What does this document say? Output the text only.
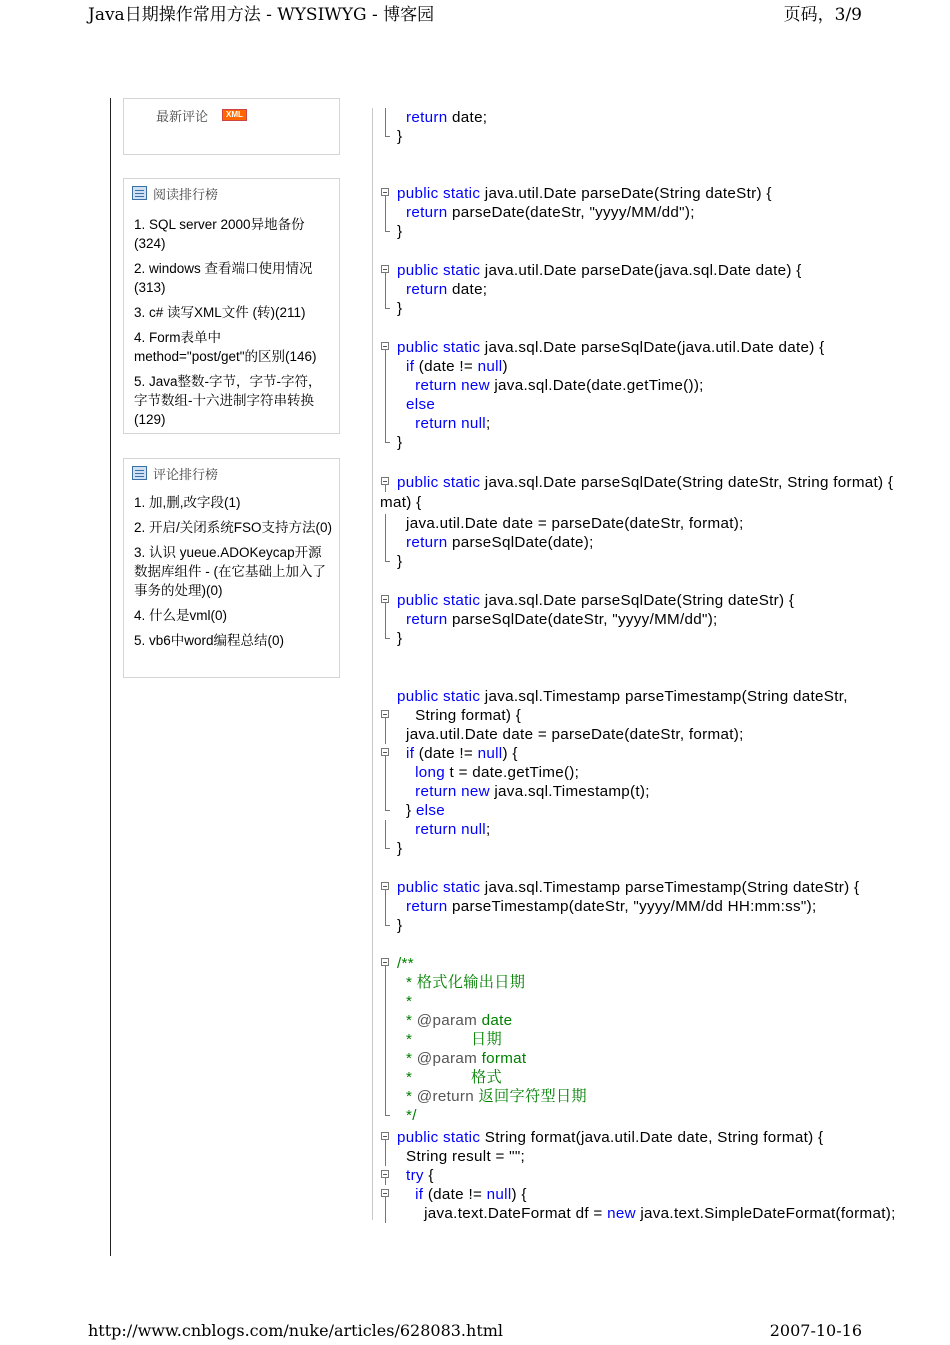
Java日期操作常用方法 - WYSIWYG - 博客园	页码，3/9
最新评论	XML
阅读排行榜
1. SQL server 2000异地备份(324)
2. windows 查看端口使用情况(313)
3. c# 读写XML文件 (转)(211)
4. Form表单中method="post/get"的区别(146)
5. Java整数-字节，字节-字符，字节数组-十六进制字符串转换 (129)
评论排行榜
1. 加,删,改字段(1)
2. 开启/关闭系统FSO支持方法(0)
3. 认识 yueue.ADOKeycap开源数据库组件 - (在它基础上加入了事务的处理)(0)
4. 什么是vml(0)
5. vb6中word编程总结(0)
return date;
}
public static java.util.Date parseDate(String dateStr) {
return parseDate(dateStr, "yyyy/MM/dd");
}
public static java.util.Date parseDate(java.sql.Date date) {
return date;
}
public static java.sql.Date parseSqlDate(java.util.Date date) {
if (date != null)
return new java.sql.Date(date.getTime());
else
return null;
}
public static java.sql.Date parseSqlDate(String dateStr, String format) {
mat) {
java.util.Date date = parseDate(dateStr, format);
return parseSqlDate(date);
}
public static java.sql.Date parseSqlDate(String dateStr) {
return parseSqlDate(dateStr, "yyyy/MM/dd");
}
public static java.sql.Timestamp parseTimestamp(String dateStr,
String format) {
java.util.Date date = parseDate(dateStr, format);
if (date != null) {
long t = date.getTime();
return new java.sql.Timestamp(t);
} else
return null;
}
public static java.sql.Timestamp parseTimestamp(String dateStr) {
return parseTimestamp(dateStr, "yyyy/MM/dd HH:mm:ss");
}
/**
* 格式化输出日期
*
* @param date
*             日期
* @param format
*             格式
* @return 返回字符型日期
*/
public static String format(java.util.Date date, String format) {
String result = "";
try {
if (date != null) {
java.text.DateFormat df = new java.text.SimpleDateFormat(format);
http://www.cnblogs.com/nuke/articles/628083.html	2007-10-16
